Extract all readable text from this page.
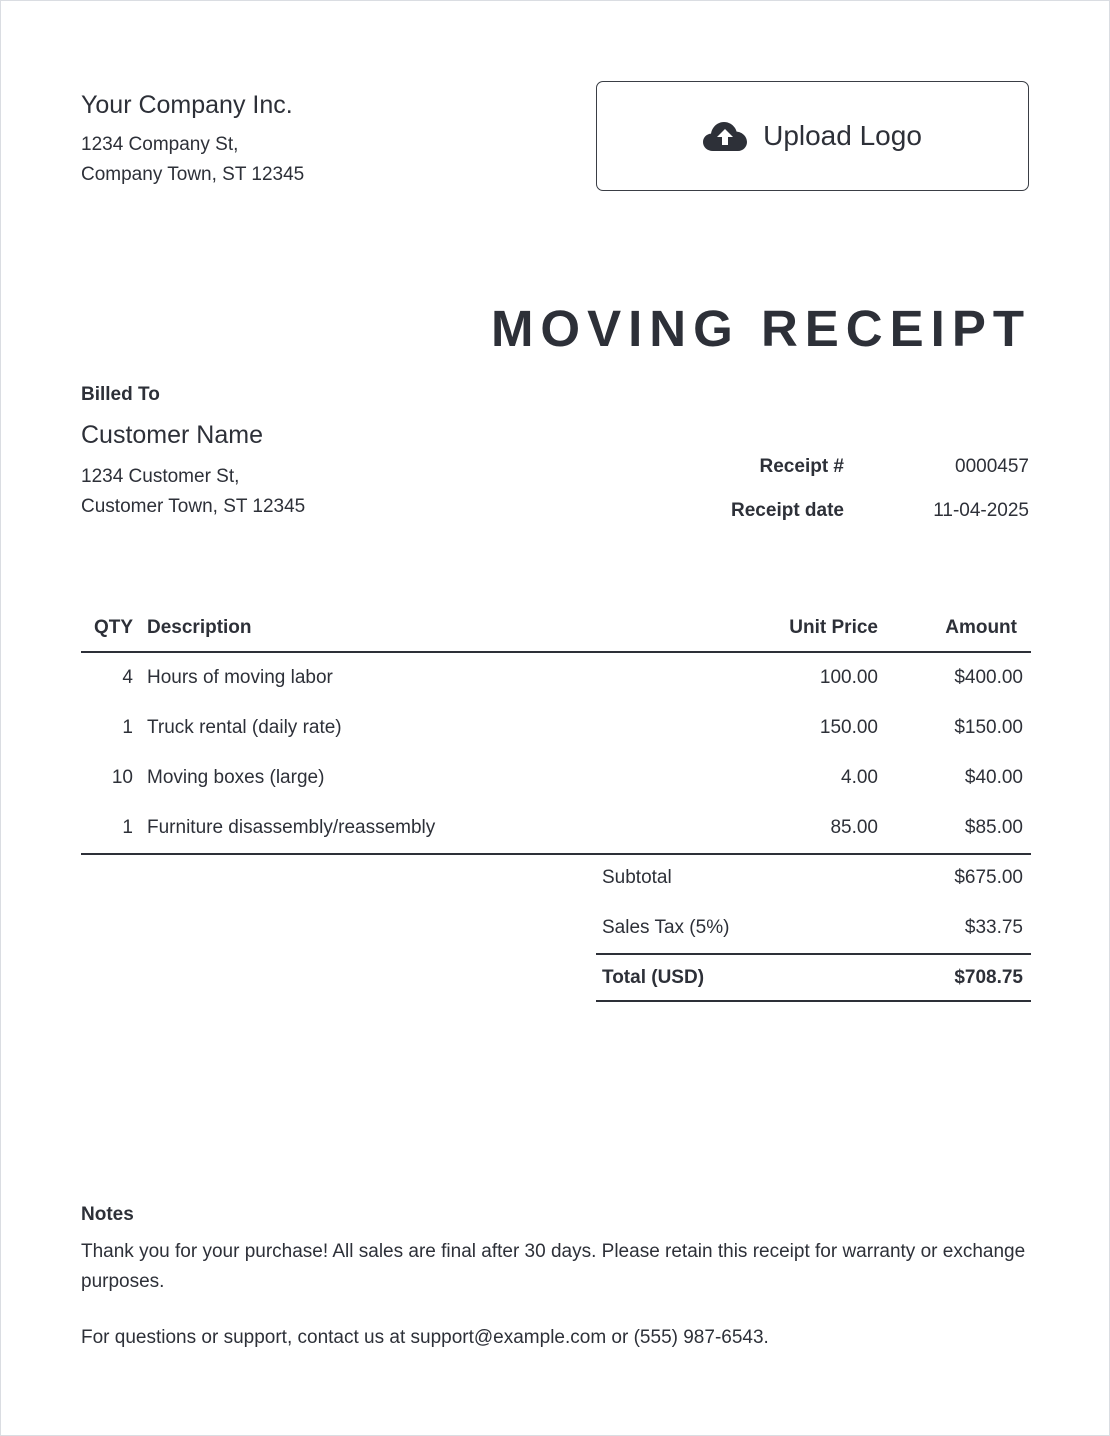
Your Company Inc.
1234 Company St,
Company Town, ST 12345
Upload Logo
MOVING RECEIPT
Billed To
Customer Name
1234 Customer St,
Customer Town, ST 12345
Receipt #	0000457
Receipt date	11-04-2025
QTY Description	Unit Price	Amount
4 Hours of moving labor	100.00	$400.00
1 Truck rental (daily rate)	150.00	$150.00
10 Moving boxes (large)	4.00	$40.00
1 Furniture disassembly/reassembly	85.00	$85.00
Subtotal	$675.00
Sales Tax (5%)	$33.75
Total (USD)	$708.75
Notes
Thank you for your purchase! All sales are final after 30 days. Please retain this receipt for warranty or exchange purposes.
For questions or support, contact us at support@example.com or (555) 987-6543.
